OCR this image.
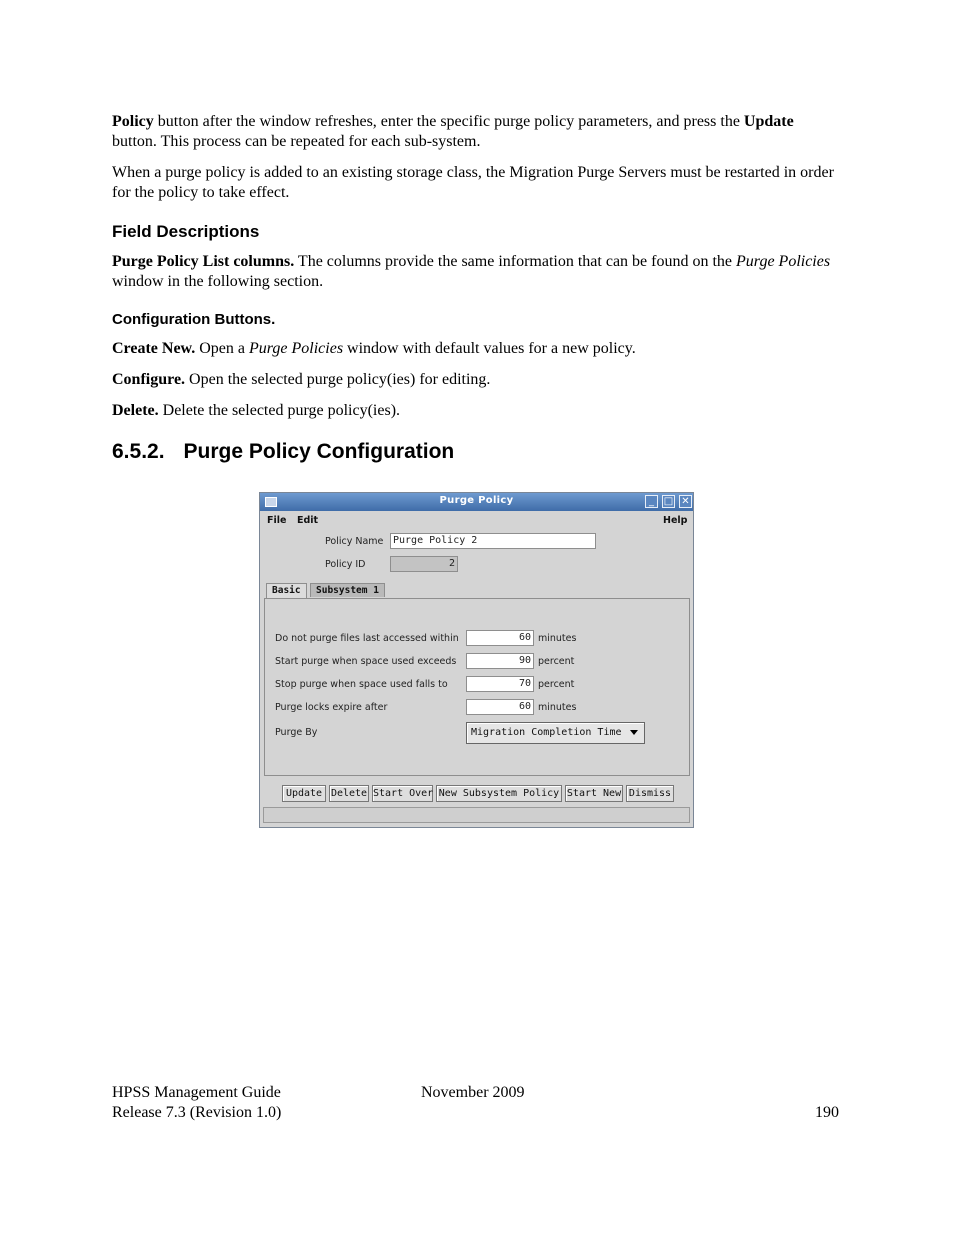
Policy button after the window refreshes, enter the specific purge policy parameters, and press the Update button. This process can be repeated for each sub-system.

When a purge policy is added to an existing storage class, the Migration Purge Servers must be restarted in order for the policy to take effect.

Field Descriptions

Purge Policy List columns. The columns provide the same information that can be found on the Purge Policies window in the following section.

Configuration Buttons.

Create New. Open a Purge Policies window with default values for a new policy.

Configure. Open the selected purge policy(ies) for editing.

Delete. Delete the selected purge policy(ies).

6.5.2. Purge Policy Configuration
Purge Policy	_ □ ✕
File Edit	Help
Policy Name Purge Policy 2
Policy ID	2
Basic	Subsystem 1
Do not purge files last accessed within	60 minutes
Start purge when space used exceeds	90 percent
Stop purge when space used falls to	70 percent
Purge locks expire after	60 minutes
Purge By	Migration Completion Time
Update Delete Start Over New Subsystem Policy Start New Dismiss

HPSS Management Guide	November 2009

Release 7.3 (Revision 1.0)	190
